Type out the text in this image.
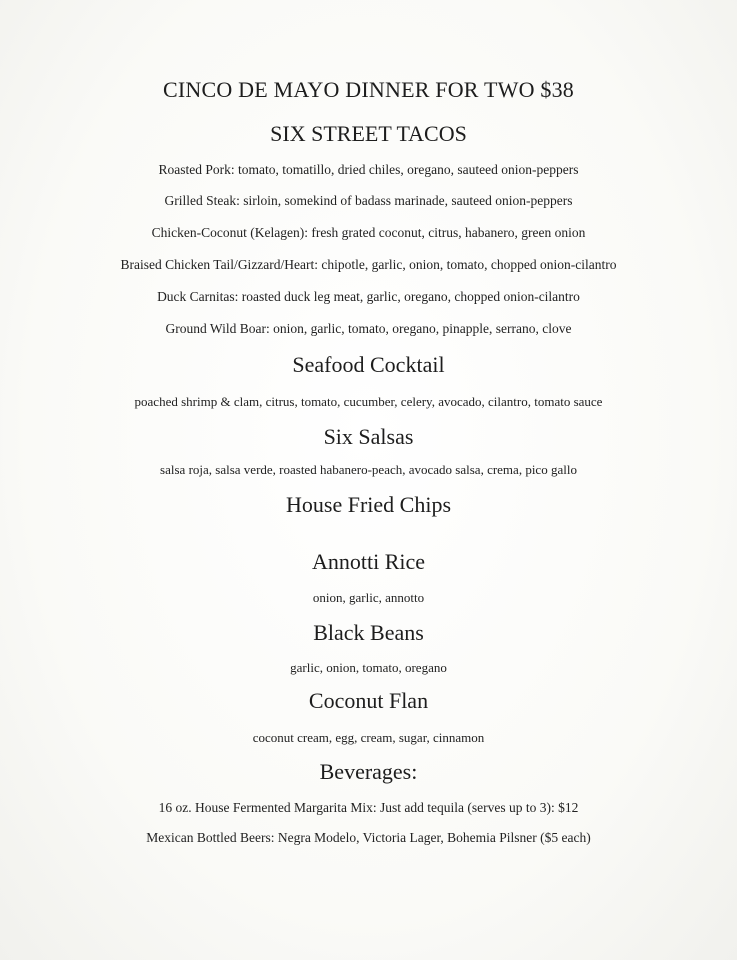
CINCO DE MAYO DINNER FOR TWO $38
SIX STREET TACOS
Roasted Pork: tomato, tomatillo, dried chiles, oregano, sauteed onion-peppers
Grilled Steak: sirloin, somekind of badass marinade, sauteed onion-peppers
Chicken-Coconut (Kelagen): fresh grated coconut, citrus, habanero, green onion
Braised Chicken Tail/Gizzard/Heart: chipotle, garlic, onion, tomato, chopped onion-cilantro
Duck Carnitas: roasted duck leg meat, garlic, oregano, chopped onion-cilantro
Ground Wild Boar: onion, garlic, tomato, oregano, pinapple, serrano, clove
Seafood Cocktail
poached shrimp & clam, citrus, tomato, cucumber, celery, avocado, cilantro, tomato sauce
Six Salsas
salsa roja, salsa verde, roasted habanero-peach, avocado salsa, crema, pico gallo
House Fried Chips
Annotti Rice
onion, garlic, annotto
Black Beans
garlic, onion, tomato, oregano
Coconut Flan
coconut cream, egg, cream, sugar, cinnamon
Beverages:
16 oz. House Fermented Margarita Mix: Just add tequila (serves up to 3): $12
Mexican Bottled Beers: Negra Modelo, Victoria Lager, Bohemia Pilsner ($5 each)
